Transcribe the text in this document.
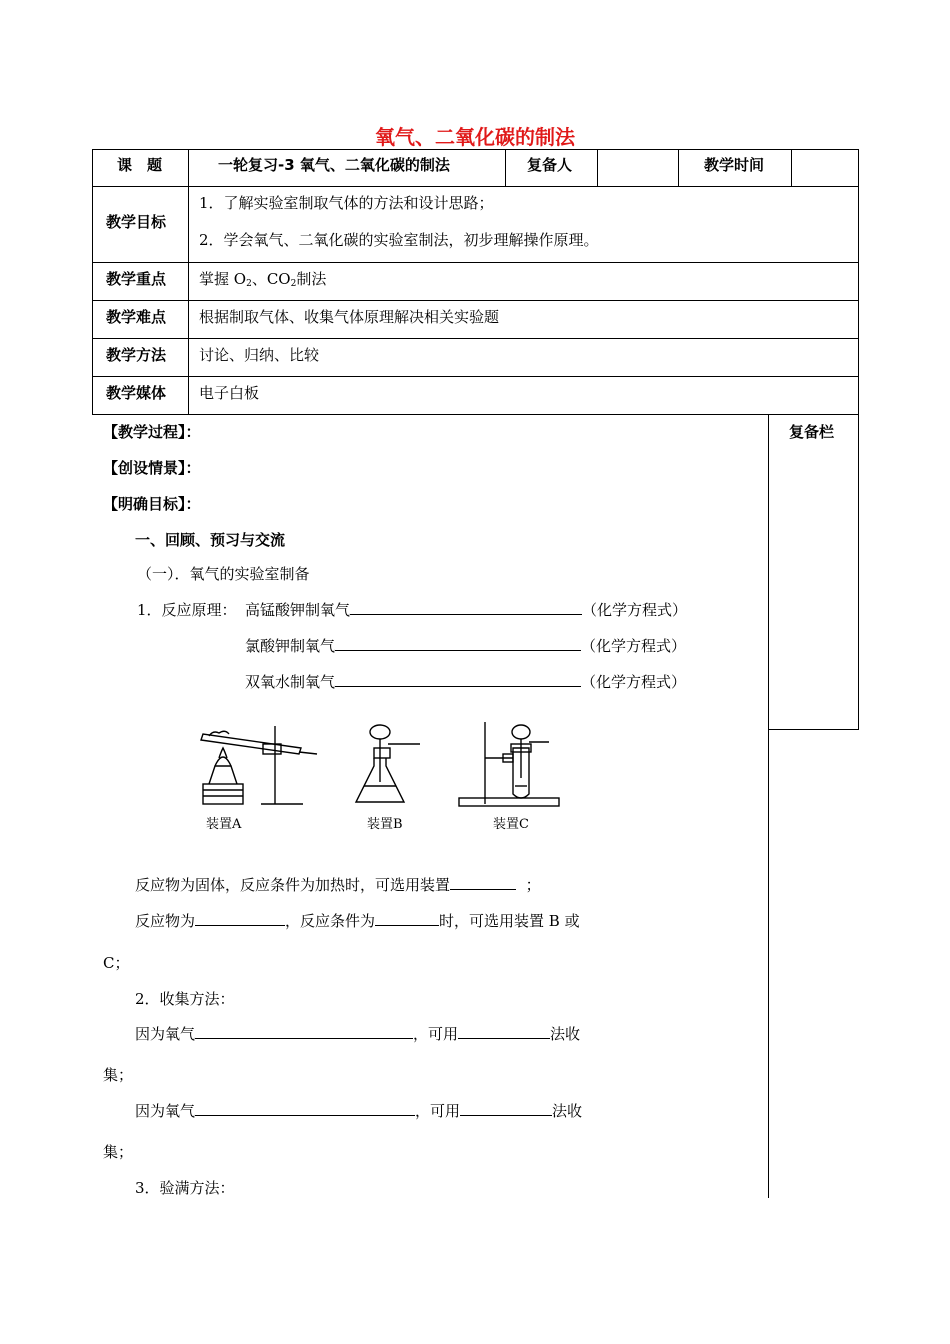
氧气、二氧化碳的制法
课　题	一轮复习-3 氧气、二氧化碳的制法	复备人	教学时间
教学目标
1．了解实验室制取气体的方法和设计思路；
2．学会氧气、二氧化碳的实验室制法，初步理解操作原理。
教学重点 掌握 $O_2$、$CO_2$制法
教学难点 根据制取气体、收集气体原理解决相关实验题
教学方法 讨论、归纳、比较
教学媒体 电子白板
复备栏
【教学过程】：
【创设情景】：
【明确目标】：
一、回顾、预习与交流
（一）．氧气的实验室制备
1．反应原理： 高锰酸钾制氧气	（化学方程式）
氯酸钾制氧气	（化学方程式）
双氧水制氧气	（化学方程式）
装置A	装置B	装置C
反应物为固体，反应条件为加热时，可选用装置	；
反应物为	，反应条件为	时，可选用装置 B 或
C；
2．收集方法：
因为氧气	，可用	法收
集；
因为氧气	，可用	法收
集；
3．验满方法：
